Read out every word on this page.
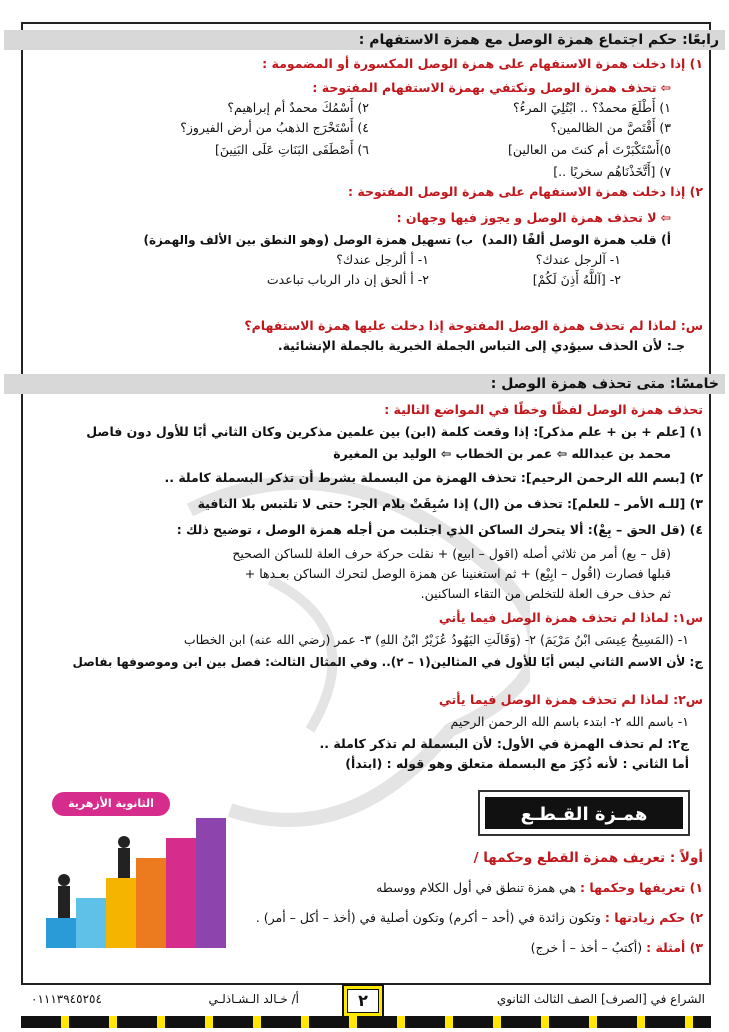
رابعًا: حكم اجتماع همزة الوصل مع همزة الاستفهام :
١) إذا دخلت همزة الاستفهام على همزة الوصل المكسورة أو المضمومة :
⇦تحذف همزة الوصل ونكتفي بهمزة الاستفهام المفتوحة :
١) أَطْلَعَ محمدٌ؟ .. ابْتُلِيَ المرءُ؟
٢) أَسْمُكَ محمدٌ أم إبراهيم؟
٣) أَقْتَصَّ من الظالمين؟
٤) أَسْتَخْرَج الذهبُ من أرض الفيروز؟
٥)أَسْتَكْبَرْتَ أم كنتَ من العالين]
٦) أَصْطَفَى البَنَاتِ عَلَى البَنِينَ]
٧) [أَتَّخَذْنَاهُم سخريًا ..]
٢) إذا دخلت همزة الاستفهام على همزة الوصل المفتوحة :
⇦لا تحذف همزة الوصل و يجوز فيها وجهان :
أ) قلب همزة الوصل ألفًا (المد)
ب) تسهيل همزة الوصل (وهو النطق بين الألف والهمزة)
١- آلرجل عندك؟
١- أ ألرجل عندك؟
٢- [آللَّهُ أَذِنَ لَكُمْ]
٢- أ ألحق إن دار الرباب تباعدت
س: لماذا لم تحذف همزة الوصل المفتوحة إذا دخلت عليها همزة الاستفهام؟
جـ: لأن الحذف سيؤدي إلى التباس الجملة الخبرية بالجملة الإنشائية.
خامسًا: متى تحذف همزة الوصل :
تحذف همزة الوصل لفظًا وخطًا في المواضع التالية :
١) [علم + بن + علم مذكر]: إذا وقعت كلمة (ابن) بين علمين مذكرين وكان الثاني أبًا للأول دون فاصل
محمد بن عبدالله ⇦ عمر بن الخطاب ⇦ الوليد بن المغيرة
٢) [بسم الله الرحمن الرحيم]: تحذف الهمزة من البسملة بشرط أن تذكر البسملة كاملة ..
٣) [للـه الأمر – للعلم]: تحذف من (ال) إذا سُبِقَتْ بلام الجر: حتى لا تلتبس بلا النافية
٤) (قل الحق – بِعْ): ألا يتحرك الساكن الذي اجتلبت من أجله همزة الوصل ، توضيح ذلك :
(قل – بع) أمر من ثلاثي أصله (اقول – ابيع) + نقلت حركة حرف العلة للساكن الصحيح
قبلها فصارت (اقُول – ابِيْع) + ثم استغنينا عن همزة الوصل لتحرك الساكن بعـدها +
ثم حذف حرف العلة للتخلص من التقاء الساكنين.
س١: لماذا لم تحذف همزة الوصل فيما يأتي
١- (المَسِيحُ عِيسَى ابْنُ مَرْيَمَ) ٢- (وَقَالَتِ اليَهُودُ عُزَيْرٌ ابْنُ اللهِ) ٣- عمر (رضي الله عنه) ابن الخطاب
ج: لأن الاسم الثاني ليس أبًا للأول في المثالين(١ – ٢).. وفي المثال الثالث: فصل بين ابن وموصوفها بفاصل
س٢: لماذا لم تحذف همزة الوصل فيما يأتي
١- باسم الله ٢- ابتدء باسم الله الرحمن الرحيم
ج٢: لم تحذف الهمزة في الأول: لأن البسملة لم تذكر كاملة ..
أما الثاني : لأنه ذُكِرَ مع البسملة متعلق وهو قوله : (ابتدأ)
همـزة القـطـع
أولاً : تعريف همزة القطع وحكمها /
١) تعريفها وحكمها : هي همزة تنطق في أول الكلام ووسطه
٢) حكم زيادتها : وتكون زائدة في (أحد – أكرم) وتكون أصلية في (أخذ – أكل – أمر) .
٣) أمثلة : (أكتبُ – أخذ – أ خرج)
الثانوية الأزهرية
الشراع في [الصرف] الصف الثالث الثانوي
أ/ خـالد الـشـاذلـي
٠١١١٣٩٤٥٢٥٤	٢
